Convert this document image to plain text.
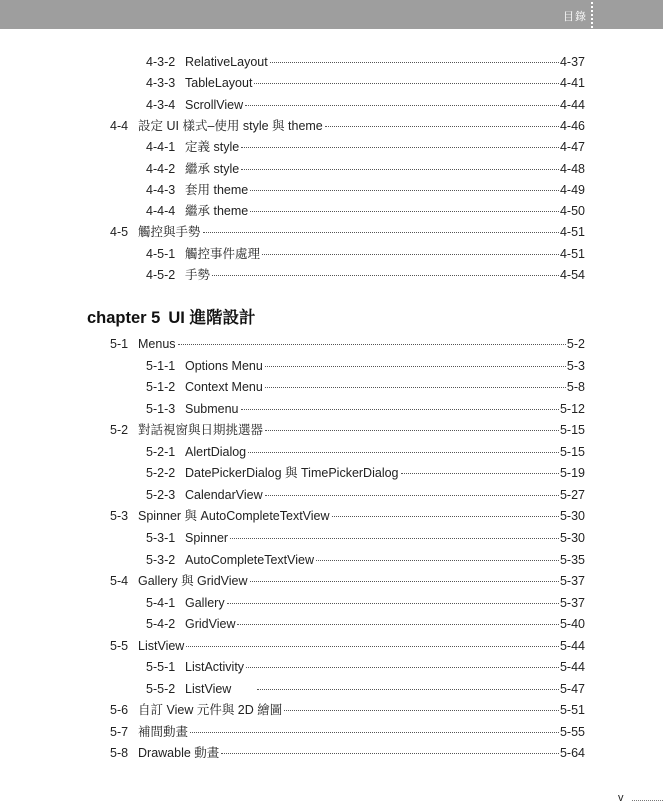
目錄
4-3-2 RelativeLayout	4-37
4-3-3 TableLayout	4-41
4-3-4 ScrollView	4-44
4-4 設定 UI 樣式–使用 style 與 theme	4-46
4-4-1 定義 style	4-47
4-4-2 繼承 style	4-48
4-4-3 套用 theme	4-49
4-4-4 繼承 theme	4-50
4-5 觸控與手勢	4-51
4-5-1 觸控事件處理	4-51
4-5-2 手勢	4-54
5-1 Menus	5-2
5-1-1 Options Menu	5-3
5-1-2 Context Menu	5-8
5-1-3 Submenu	5-12
5-2 對話視窗與日期挑選器	5-15
5-2-1 AlertDialog	5-15
5-2-2 DatePickerDialog 與 TimePickerDialog	5-19
5-2-3 CalendarView	5-27
5-3 Spinner 與 AutoCompleteTextView	5-30
5-3-1 Spinner	5-30
5-3-2 AutoCompleteTextView	5-35
5-4 Gallery 與 GridView	5-37
5-4-1 Gallery	5-37
5-4-2 GridView	5-40
5-5 ListView	5-44
5-5-1 ListActivity	5-44
5-5-2 ListView	5-47
5-6 自訂 View 元件與 2D 繪圖	5-51
5-7 補間動畫	5-55
5-8 Drawable 動畫	5-64
chapter 5 UI 進階設計
v
